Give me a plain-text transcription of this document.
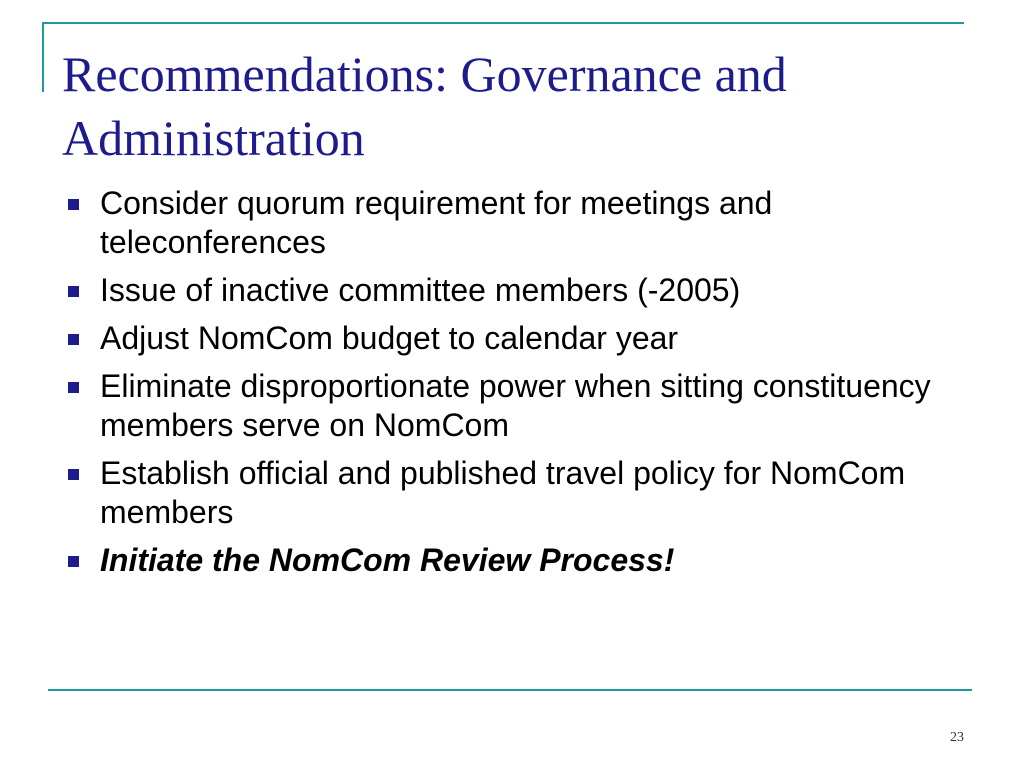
Recommendations: Governance and Administration
Consider quorum requirement for meetings and teleconferences
Issue of inactive committee members (-2005)
Adjust NomCom budget to calendar year
Eliminate disproportionate power when sitting constituency members serve on NomCom
Establish official and published travel policy for NomCom members
Initiate the NomCom Review Process!
23
